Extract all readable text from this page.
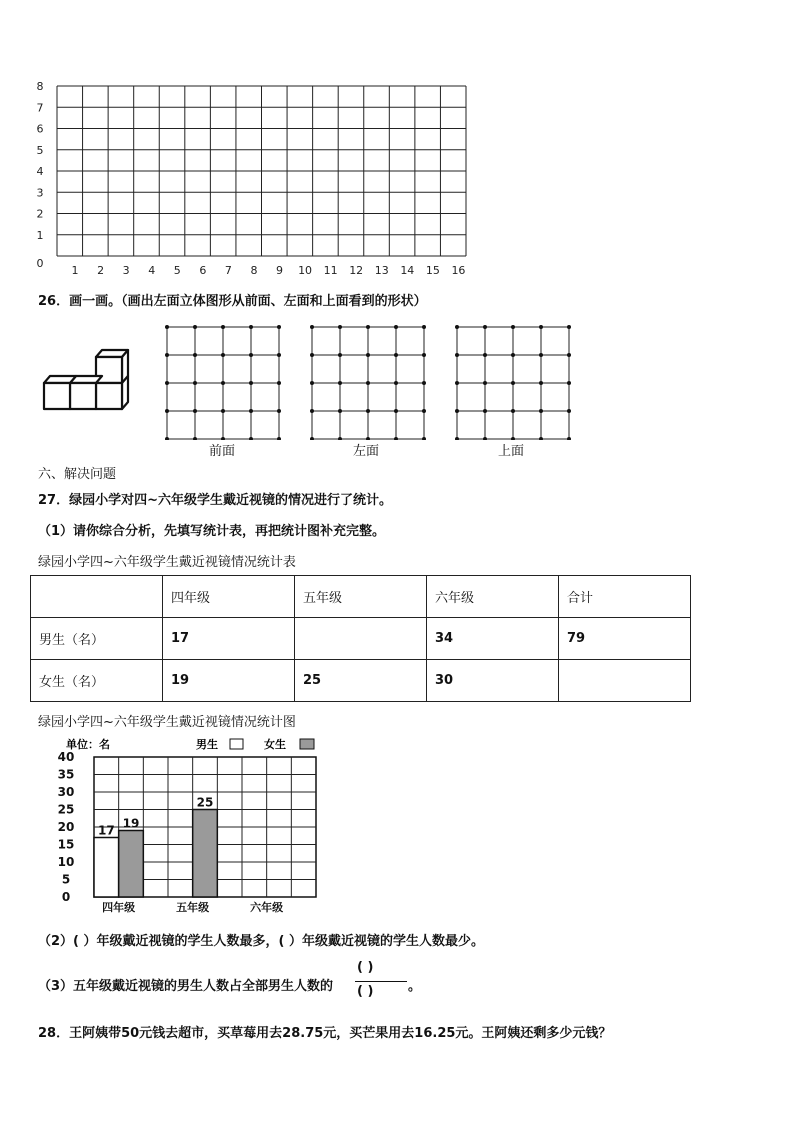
8
7
6
5
4
3
2
1
0
1 2 3 4 5 6 7 8 9 10 11 12 13 14 15 16
26．画一画。（画出左面立体图形从前面、左面和上面看到的形状）
前面	左面	上面
六、解决问题
27．绿园小学对四~六年级学生戴近视镜的情况进行了统计。
（1）请你综合分析，先填写统计表，再把统计图补充完整。
绿园小学四~六年级学生戴近视镜情况统计表
	四年级	五年级	六年级	合计
男生（名）	17		34	79
女生（名）	19	25	30	
绿园小学四~六年级学生戴近视镜情况统计图
单位：名	男生	女生
0
5
10
15
20
25
30
35
40
17 19
25
四年级	五年级	六年级
（2）( ）年级戴近视镜的学生人数最多，( ）年级戴近视镜的学生人数最少。
（3）五年级戴近视镜的男生人数占全部男生人数的
( )
( )	。
28．王阿姨带50元钱去超市，买草莓用去28.75元，买芒果用去16.25元。王阿姨还剩多少元钱？
